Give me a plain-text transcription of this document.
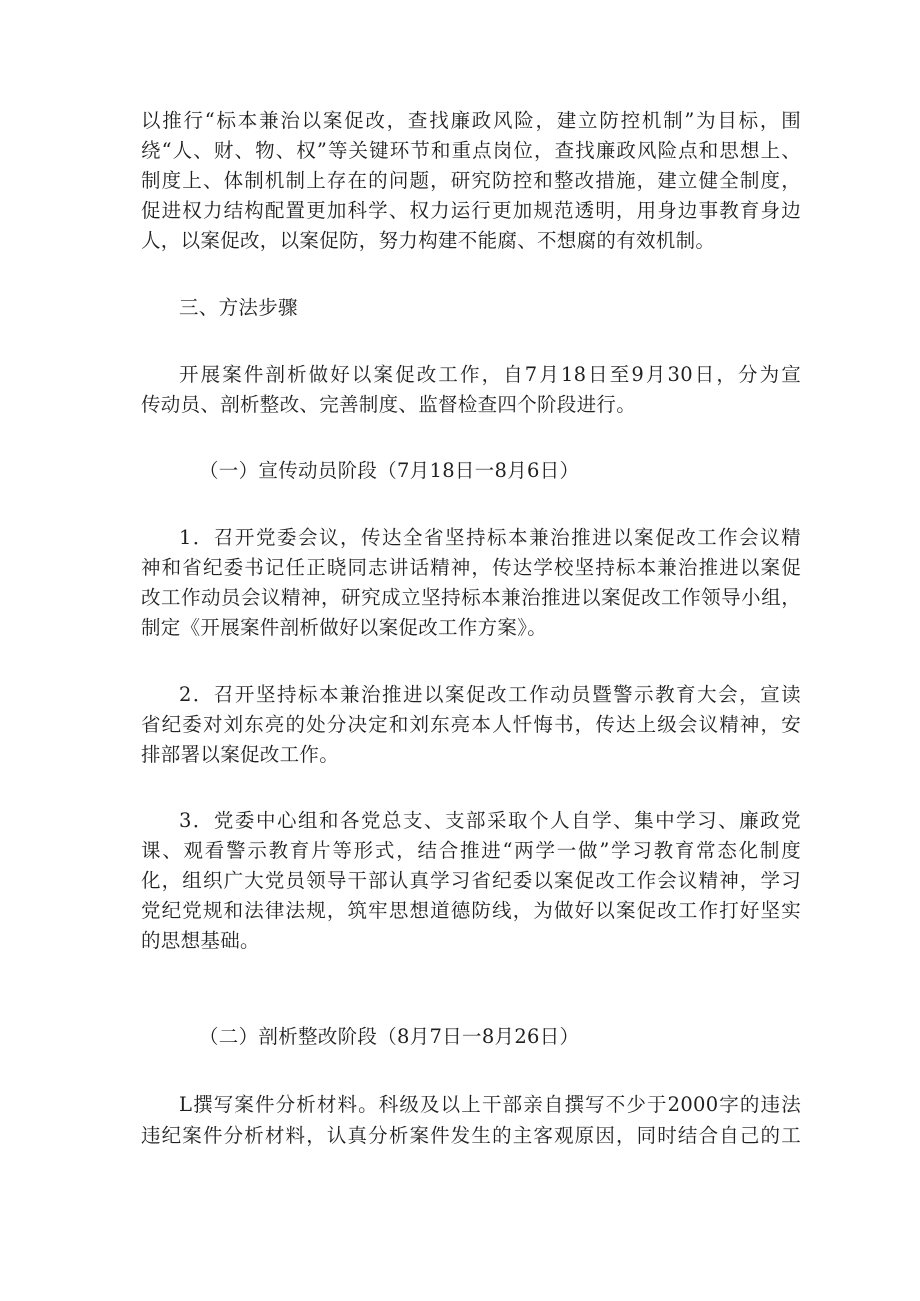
以推行“标本兼治以案促改，查找廉政风险，建立防控机制”为目标，围
绕“人、财、物、权”等关键环节和重点岗位，查找廉政风险点和思想上、
制度上、体制机制上存在的问题，研究防控和整改措施，建立健全制度，
促进权力结构配置更加科学、权力运行更加规范透明，用身边事教育身边
人，以案促改，以案促防，努力构建不能腐、不想腐的有效机制。
三、方法步骤
开展案件剖析做好以案促改工作，自7月18日至9月30日，分为宣
传动员、剖析整改、完善制度、监督检查四个阶段进行。
（一）宣传动员阶段（7月18日一8月6日）
1．召开党委会议，传达全省坚持标本兼治推进以案促改工作会议精
神和省纪委书记任正晓同志讲话精神，传达学校坚持标本兼治推进以案促
改工作动员会议精神，研究成立坚持标本兼治推进以案促改工作领导小组，
制定《开展案件剖析做好以案促改工作方案》。
2．召开坚持标本兼治推进以案促改工作动员暨警示教育大会，宣读
省纪委对刘东亮的处分决定和刘东亮本人忏悔书，传达上级会议精神，安
排部署以案促改工作。
3．党委中心组和各党总支、支部采取个人自学、集中学习、廉政党
课、观看警示教育片等形式，结合推进“两学一做”学习教育常态化制度
化，组织广大党员领导干部认真学习省纪委以案促改工作会议精神，学习
党纪党规和法律法规，筑牢思想道德防线，为做好以案促改工作打好坚实
的思想基础。
（二）剖析整改阶段（8月7日一8月26日）
L撰写案件分析材料。科级及以上干部亲自撰写不少于2000字的违法
违纪案件分析材料，认真分析案件发生的主客观原因，同时结合自己的工
